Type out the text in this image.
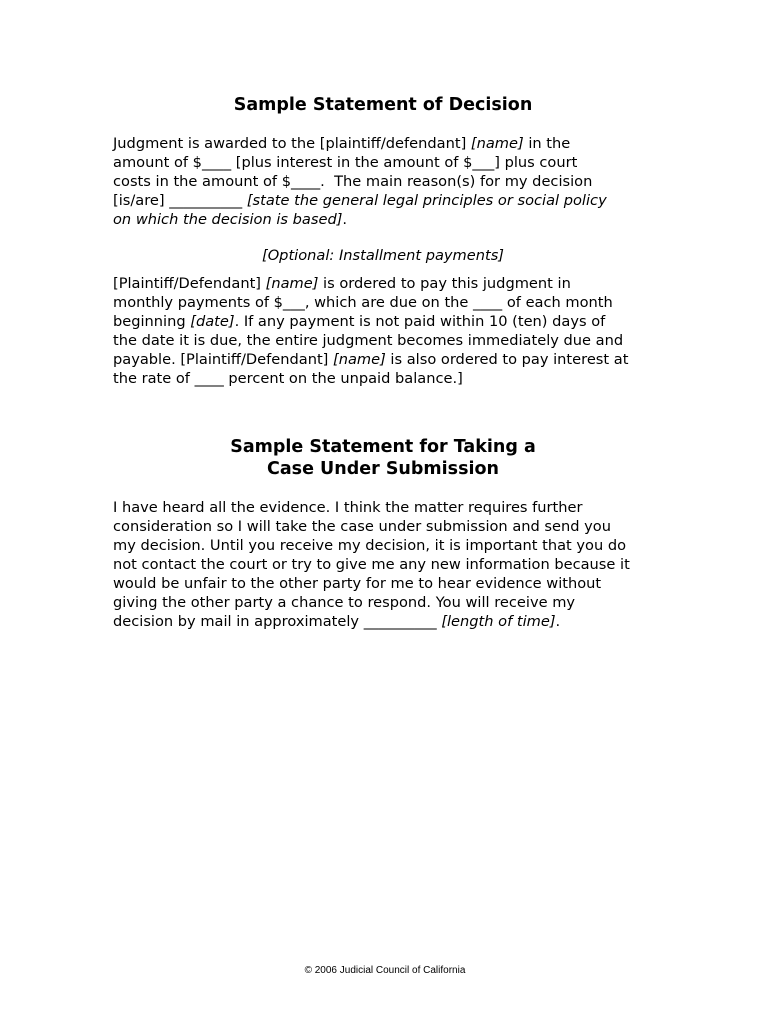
Sample Statement of Decision

Judgment is awarded to the [plaintiff/defendant] [name] in the
amount of $____ [plus interest in the amount of $___] plus court
costs in the amount of $____.  The main reason(s) for my decision
[is/are] __________ [state the general legal principles or social policy
on which the decision is based].

[Optional: Installment payments]

[Plaintiff/Defendant] [name] is ordered to pay this judgment in
monthly payments of $___, which are due on the ____ of each month
beginning [date]. If any payment is not paid within 10 (ten) days of
the date it is due, the entire judgment becomes immediately due and
payable. [Plaintiff/Defendant] [name] is also ordered to pay interest at
the rate of ____ percent on the unpaid balance.]

Sample Statement for Taking a
Case Under Submission

I have heard all the evidence. I think the matter requires further
consideration so I will take the case under submission and send you
my decision. Until you receive my decision, it is important that you do
not contact the court or try to give me any new information because it
would be unfair to the other party for me to hear evidence without
giving the other party a chance to respond. You will receive my
decision by mail in approximately __________ [length of time].

© 2006 Judicial Council of California
